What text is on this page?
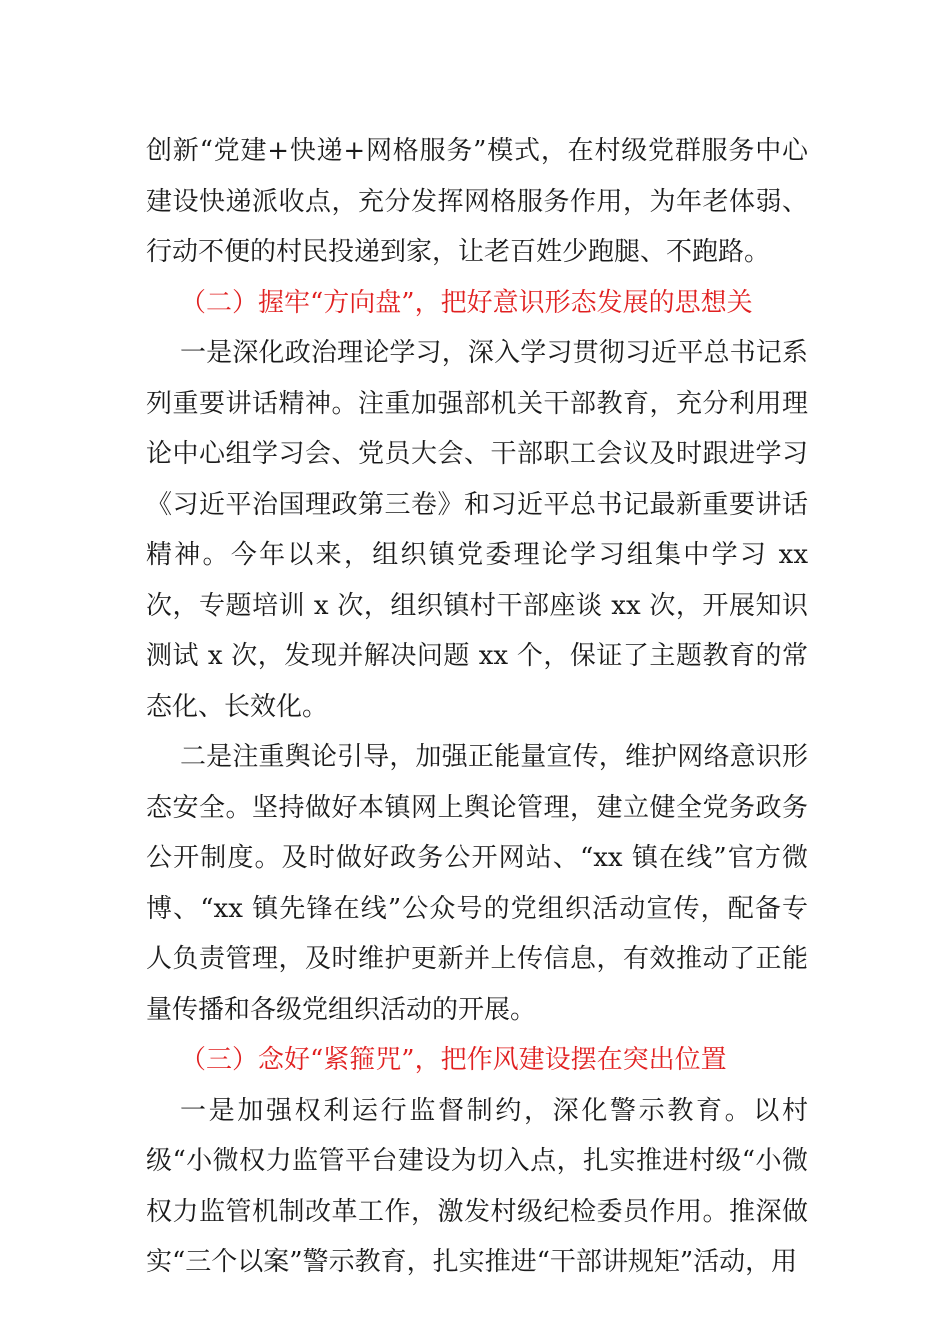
创新“党建+快递+网格服务”模式，在村级党群服务中心建设快递派收点，充分发挥网格服务作用，为年老体弱、行动不便的村民投递到家，让老百姓少跑腿、不跑路。

（二）握牢“方向盘”，把好意识形态发展的思想关

一是深化政治理论学习，深入学习贯彻习近平总书记系列重要讲话精神。注重加强部机关干部教育，充分利用理论中心组学习会、党员大会、干部职工会议及时跟进学习《习近平治国理政第三卷》和习近平总书记最新重要讲话精神。今年以来，组织镇党委理论学习组集中学习 xx 次，专题培训 x 次，组织镇村干部座谈 xx 次，开展知识测试 x 次，发现并解决问题 xx 个，保证了主题教育的常态化、长效化。

二是注重舆论引导，加强正能量宣传，维护网络意识形态安全。坚持做好本镇网上舆论管理，建立健全党务政务公开制度。及时做好政务公开网站、“xx 镇在线”官方微博、“xx 镇先锋在线”公众号的党组织活动宣传，配备专人负责管理，及时维护更新并上传信息，有效推动了正能量传播和各级党组织活动的开展。

（三）念好“紧箍咒”，把作风建设摆在突出位置

一是加强权利运行监督制约，深化警示教育。以村级“小微权力监管平台建设为切入点，扎实推进村级“小微权力监管机制改革工作，激发村级纪检委员作用。推深做实“三个以案”警示教育，扎实推进“干部讲规矩”活动，用
